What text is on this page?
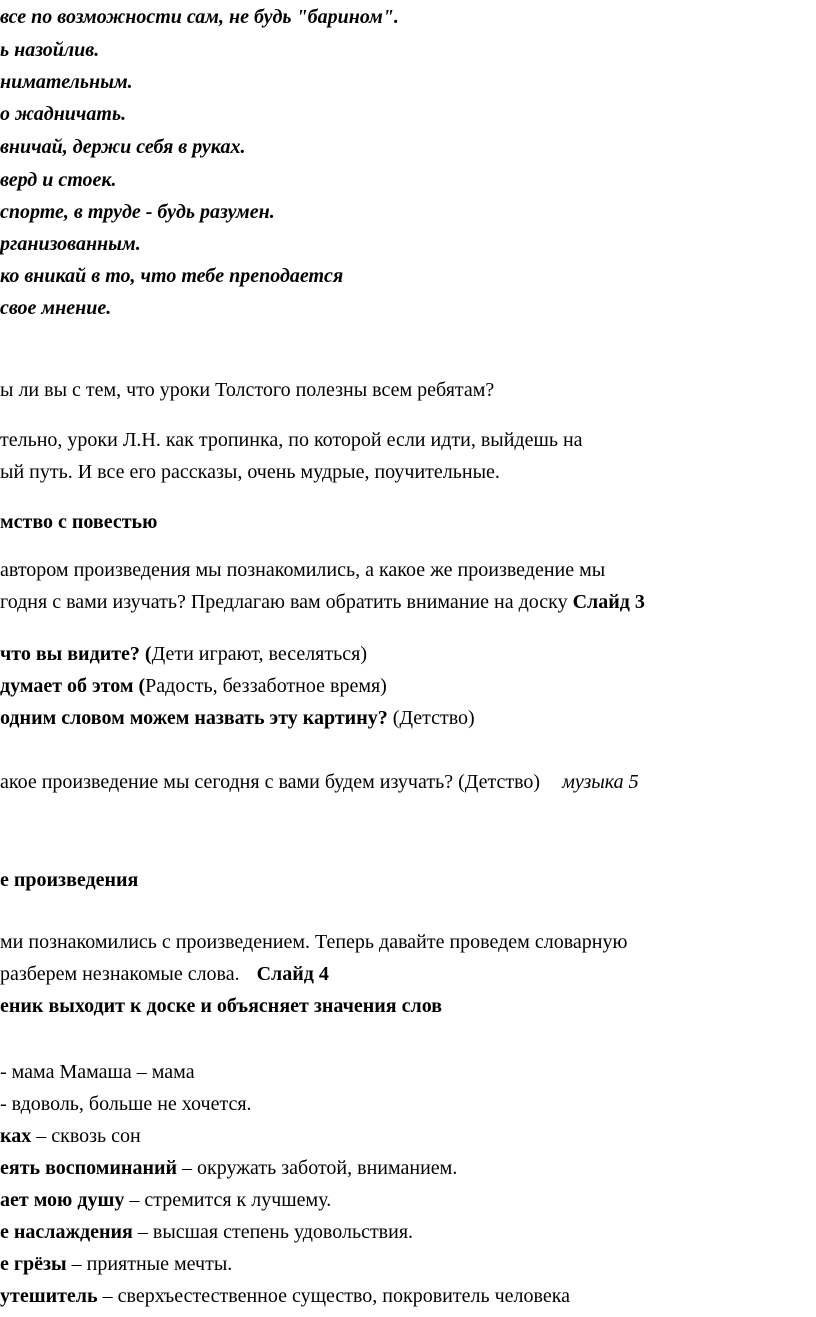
все по возможности сам, не будь "барином".
ь назойлив.
нимательным.
о жадничать.
вничай, держи себя в руках.
верд и стоек.
спорте, в труде - будь разумен.
рганизованным.
ко вникай в то, что тебе преподается
свое мнение.
ы ли вы с тем, что уроки Толстого полезны всем ребятам?
тельно, уроки Л.Н. как тропинка, по которой если идти, выйдешь на
ый путь. И все его рассказы, очень мудрые, поучительные.
мство с повестью
автором произведения мы познакомились, а какое же произведение мы
годня с вами изучать? Предлагаю вам обратить внимание на доску Слайд 3
что вы видите? (Дети играют, веселяться)
думает об этом (Радость, беззаботное время)
одним словом можем назвать эту картину? (Детство)
акое произведение мы сегодня с вами будем изучать? (Детство) музыка 5
е произведения
ми познакомились с произведением. Теперь давайте проведем словарную
разберем незнакомые слова. Слайд 4
еник выходит к доске и объясняет значения слов
- мама Мамаша – мама
- вдоволь, больше не хочется.
ках – сквозь сон
еять воспоминаний – окружать заботой, вниманием.
ает мою душу – стремится к лучшему.
е наслаждения – высшая степень удовольствия.
е грёзы – приятные мечты.
утешитель – сверхъестественное существо, покровитель человека
